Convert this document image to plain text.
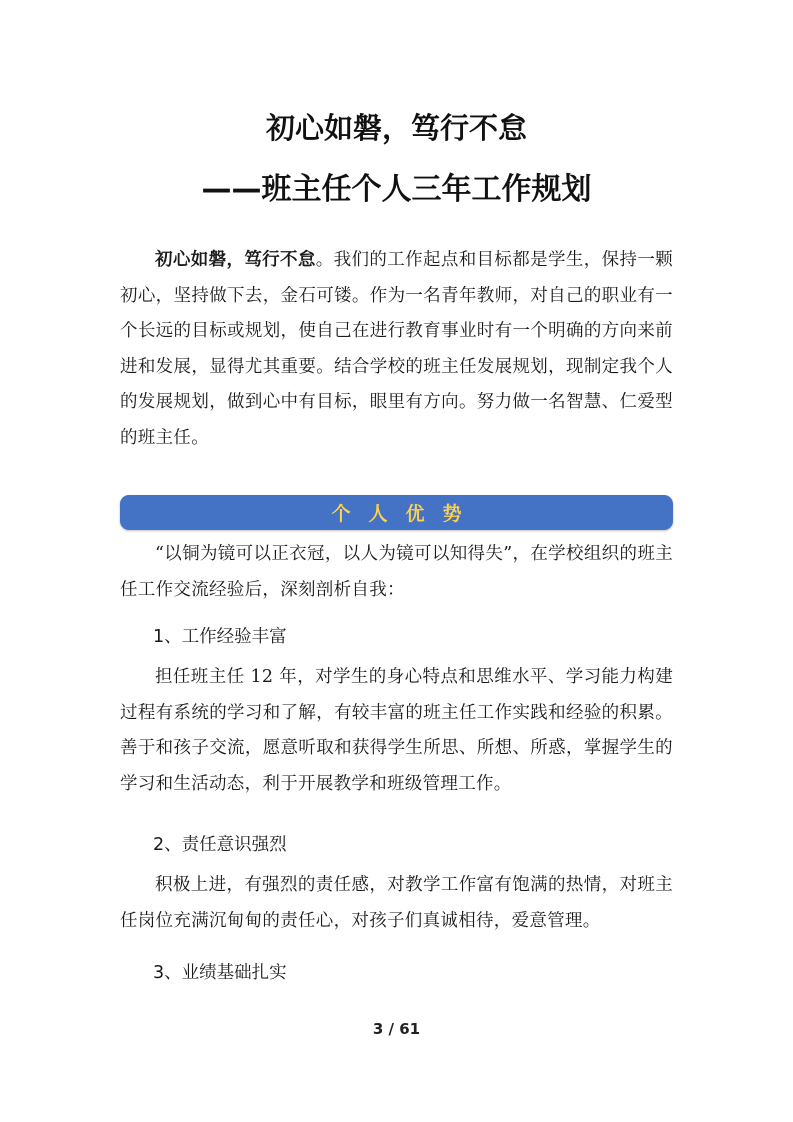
初心如磐，笃行不怠
——班主任个人三年工作规划

初心如磐，笃行不怠。我们的工作起点和目标都是学生，保持一颗初心，坚持做下去，金石可镂。作为一名青年教师，对自己的职业有一个长远的目标或规划，使自己在进行教育事业时有一个明确的方向来前进和发展，显得尤其重要。结合学校的班主任发展规划，现制定我个人的发展规划，做到心中有目标，眼里有方向。努力做一名智慧、仁爱型的班主任。

个人优势

“以铜为镜可以正衣冠，以人为镜可以知得失”，在学校组织的班主任工作交流经验后，深刻剖析自我：

1、工作经验丰富

担任班主任 12 年，对学生的身心特点和思维水平、学习能力构建过程有系统的学习和了解，有较丰富的班主任工作实践和经验的积累。善于和孩子交流，愿意听取和获得学生所思、所想、所惑，掌握学生的学习和生活动态，利于开展教学和班级管理工作。

2、责任意识强烈

积极上进，有强烈的责任感，对教学工作富有饱满的热情，对班主任岗位充满沉甸甸的责任心，对孩子们真诚相待，爱意管理。

3、业绩基础扎实
3 / 61
